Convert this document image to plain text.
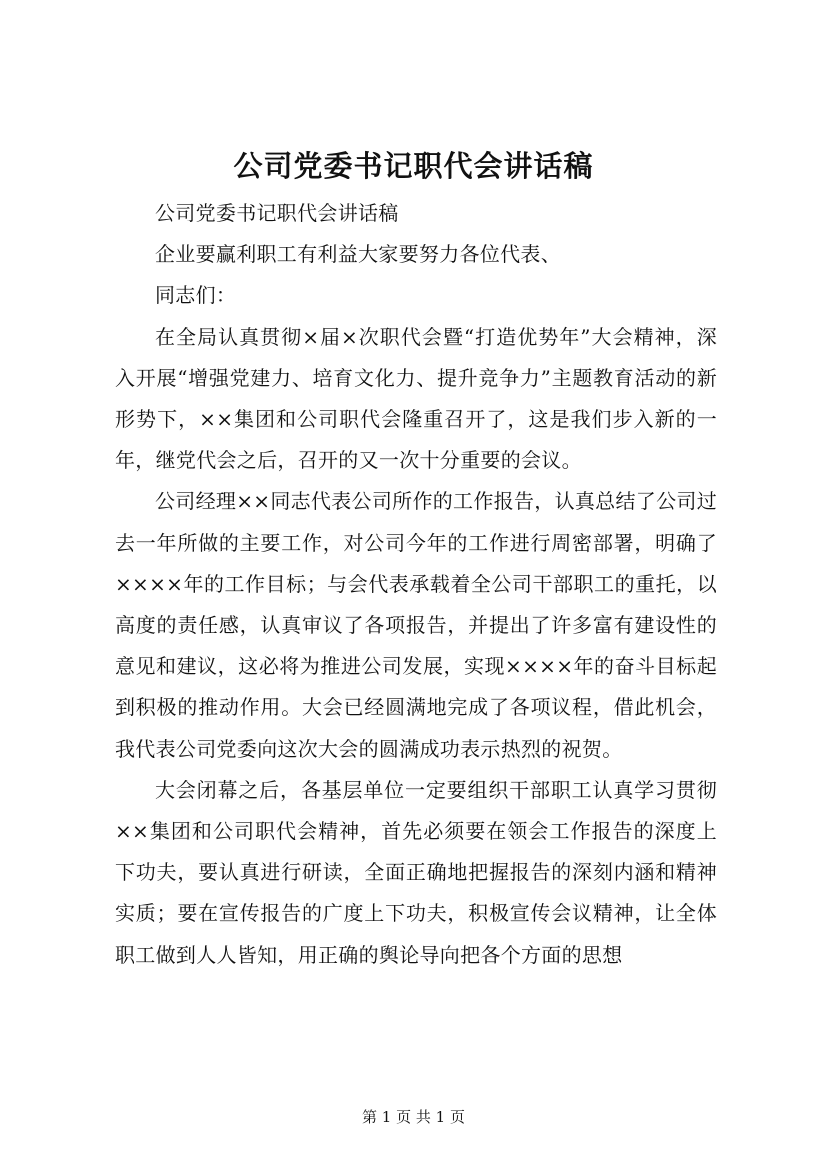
公司党委书记职代会讲话稿

公司党委书记职代会讲话稿

企业要赢利职工有利益大家要努力各位代表、

同志们：

在全局认真贯彻×届×次职代会暨“打造优势年”大会精神，深入开展“增强党建力、培育文化力、提升竞争力”主题教育活动的新形势下，××集团和公司职代会隆重召开了，这是我们步入新的一年，继党代会之后，召开的又一次十分重要的会议。

公司经理××同志代表公司所作的工作报告，认真总结了公司过去一年所做的主要工作，对公司今年的工作进行周密部署，明确了××××年的工作目标；与会代表承载着全公司干部职工的重托，以高度的责任感，认真审议了各项报告，并提出了许多富有建设性的意见和建议，这必将为推进公司发展，实现××××年的奋斗目标起到积极的推动作用。大会已经圆满地完成了各项议程，借此机会，我代表公司党委向这次大会的圆满成功表示热烈的祝贺。

大会闭幕之后，各基层单位一定要组织干部职工认真学习贯彻××集团和公司职代会精神，首先必须要在领会工作报告的深度上下功夫，要认真进行研读，全面正确地把握报告的深刻内涵和精神实质；要在宣传报告的广度上下功夫，积极宣传会议精神，让全体职工做到人人皆知，用正确的舆论导向把各个方面的思想

第 1 页 共 1 页
